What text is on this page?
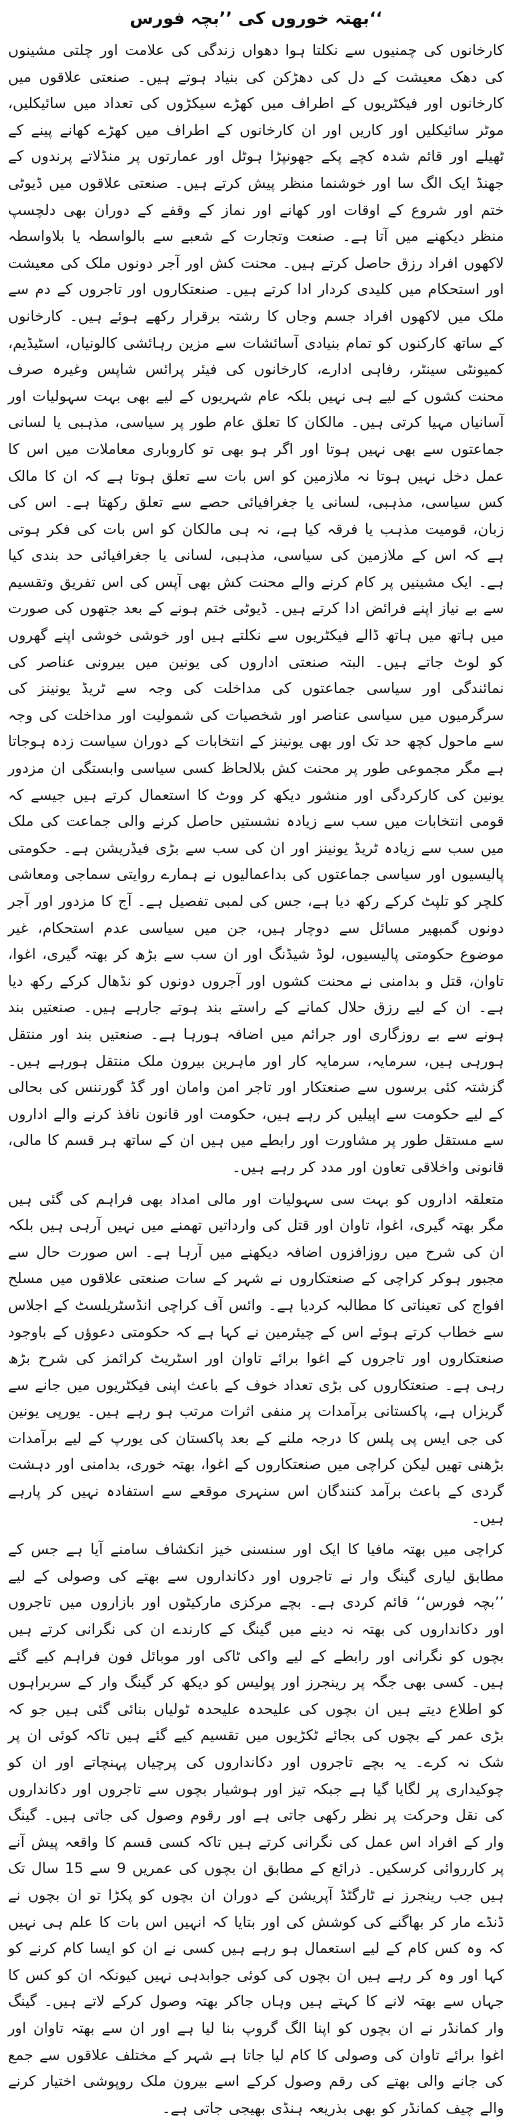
بھتہ خوروں کی ’’بچہ فورس‘‘

کارخانوں کی چمنیوں سے نکلتا ہوا دھواں زندگی کی علامت اور چلتی مشینوں کی دھک معیشت کے دل کی دھڑکن کی بنیاد ہوتے ہیں۔ صنعتی علاقوں میں کارخانوں اور فیکٹریوں کے اطراف میں کھڑے سیکڑوں کی تعداد میں سائیکلیں، موٹر سائیکلیں اور کاریں اور ان کارخانوں کے اطراف میں کھڑے کھانے پینے کے ٹھیلے اور قائم شدہ کچے پکے جھونپڑا ہوٹل اور عمارتوں پر منڈلاتے پرندوں کے جھنڈ ایک الگ سا اور خوشنما منظر پیش کرتے ہیں۔ صنعتی علاقوں میں ڈیوٹی ختم اور شروع کے اوقات اور کھانے اور نماز کے وقفے کے دوران بھی دلچسپ منظر دیکھنے میں آتا ہے۔ صنعت وتجارت کے شعبے سے بالواسطہ یا بلاواسطہ لاکھوں افراد رزق حاصل کرتے ہیں۔ محنت کش اور آجر دونوں ملک کی معیشت اور استحکام میں کلیدی کردار ادا کرتے ہیں۔ صنعتکاروں اور تاجروں کے دم سے ملک میں لاکھوں افراد جسم وجاں کا رشتہ برقرار رکھے ہوئے ہیں۔ کارخانوں کے ساتھ کارکنوں کو تمام بنیادی آسائشات سے مزین رہائشی کالونیاں، اسٹیڈیم، کمیونٹی سینٹر، رفاہی ادارے، کارخانوں کی فیئر پرائس شاپس وغیرہ صرف محنت کشوں کے لیے ہی نہیں بلکہ عام شہریوں کے لیے بھی بہت سہولیات اور آسانیاں مہیا کرتی ہیں۔ مالکان کا تعلق عام طور پر سیاسی، مذہبی یا لسانی جماعتوں سے بھی نہیں ہوتا اور اگر ہو بھی تو کاروباری معاملات میں اس کا عمل دخل نہیں ہوتا نہ ملازمین کو اس بات سے تعلق ہوتا ہے کہ ان کا مالک کس سیاسی، مذہبی، لسانی یا جغرافیائی حصے سے تعلق رکھتا ہے۔ اس کی زبان، قومیت مذہب یا فرقہ کیا ہے، نہ ہی مالکان کو اس بات کی فکر ہوتی ہے کہ اس کے ملازمین کی سیاسی، مذہبی، لسانی یا جغرافیائی حد بندی کیا ہے۔ ایک مشینیں پر کام کرنے والے محنت کش بھی آپس کی اس تفریق وتقسیم سے بے نیاز اپنے فرائض ادا کرتے ہیں۔ ڈیوٹی ختم ہونے کے بعد جتھوں کی صورت میں ہاتھ میں ہاتھ ڈالے فیکٹریوں سے نکلتے ہیں اور خوشی خوشی اپنے گھروں کو لوٹ جاتے ہیں۔ البتہ صنعتی اداروں کی یونین میں بیرونی عناصر کی نمائندگی اور سیاسی جماعتوں کی مداخلت کی وجہ سے ٹریڈ یونینز کی سرگرمیوں میں سیاسی عناصر اور شخصیات کی شمولیت اور مداخلت کی وجہ سے ماحول کچھ حد تک اور بھی یونینز کے انتخابات کے دوران سیاست زدہ ہوجاتا ہے مگر مجموعی طور پر محنت کش بلالحاظ کسی سیاسی وابستگی ان مزدور یونین کی کارکردگی اور منشور دیکھ کر ووٹ کا استعمال کرتے ہیں جیسے کہ قومی انتخابات میں سب سے زیادہ نشستیں حاصل کرنے والی جماعت کی ملک میں سب سے زیادہ ٹریڈ یونینز اور ان کی سب سے بڑی فیڈریشن ہے۔ حکومتی پالیسیوں اور سیاسی جماعتوں کی بداعمالیوں نے ہمارے روایتی سماجی ومعاشی کلچر کو تلپٹ کرکے رکھ دیا ہے، جس کی لمبی تفصیل ہے۔ آج کا مزدور اور آجر دونوں گمبھیر مسائل سے دوچار ہیں، جن میں سیاسی عدم استحکام، غیر موضوع حکومتی پالیسیوں، لوڈ شیڈنگ اور ان سب سے بڑھ کر بھتہ گیری، اغوا، تاوان، قتل و بدامنی نے محنت کشوں اور آجروں دونوں کو نڈھال کرکے رکھ دیا ہے۔ ان کے لیے رزق حلال کمانے کے راستے بند ہوتے جارہے ہیں۔ صنعتیں بند ہونے سے بے روزگاری اور جرائم میں اضافہ ہورہا ہے۔ صنعتیں بند اور منتقل ہورہی ہیں، سرمایہ، سرمایہ کار اور ماہرین بیرون ملک منتقل ہورہے ہیں۔ گزشتہ کئی برسوں سے صنعتکار اور تاجر امن وامان اور گڈ گورننس کی بحالی کے لیے حکومت سے اپیلیں کر رہے ہیں، حکومت اور قانون نافذ کرنے والے اداروں سے مستقل طور پر مشاورت اور رابطے میں ہیں ان کے ساتھ ہر قسم کا مالی، قانونی واخلاقی تعاون اور مدد کر رہے ہیں۔

متعلقہ اداروں کو بہت سی سہولیات اور مالی امداد بھی فراہم کی گئی ہیں مگر بھتہ گیری، اغوا، تاوان اور قتل کی وارداتیں تھمنے میں نہیں آرہی ہیں بلکہ ان کی شرح میں روزافزوں اضافہ دیکھنے میں آرہا ہے۔ اس صورت حال سے مجبور ہوکر کراچی کے صنعتکاروں نے شہر کے سات صنعتی علاقوں میں مسلح افواج کی تعیناتی کا مطالبہ کردیا ہے۔ وائس آف کراچی انڈسٹریلسٹ کے اجلاس سے خطاب کرتے ہوئے اس کے چیئرمین نے کہا ہے کہ حکومتی دعوؤں کے باوجود صنعتکاروں اور تاجروں کے اغوا برائے تاوان اور اسٹریٹ کرائمز کی شرح بڑھ رہی ہے۔ صنعتکاروں کی بڑی تعداد خوف کے باعث اپنی فیکٹریوں میں جانے سے گریزاں ہے، پاکستانی برآمدات پر منفی اثرات مرتب ہو رہے ہیں۔ یورپی یونین کی جی ایس پی پلس کا درجہ ملنے کے بعد پاکستان کی یورپ کے لیے برآمدات بڑھنی تھیں لیکن کراچی میں صنعتکاروں کے اغوا، بھتہ خوری، بدامنی اور دہشت گردی کے باعث برآمد کنندگان اس سنہری موقعے سے استفادہ نہیں کر پارہے ہیں۔

کراچی میں بھتہ مافیا کا ایک اور سنسنی خیز انکشاف سامنے آیا ہے جس کے مطابق لیاری گینگ وار نے تاجروں اور دکانداروں سے بھتے کی وصولی کے لیے ’’بچہ فورس‘‘ قائم کردی ہے۔ بچے مرکزی مارکیٹوں اور بازاروں میں تاجروں اور دکانداروں کی بھتہ نہ دینے میں گینگ کے کارندے ان کی نگرانی کرتے ہیں بچوں کو نگرانی اور رابطے کے لیے واکی ٹاکی اور موبائل فون فراہم کیے گئے ہیں۔ کسی بھی جگہ پر رینجرز اور پولیس کو دیکھ کر گینگ وار کے سربراہوں کو اطلاع دیتے ہیں ان بچوں کی علیحدہ علیحدہ ٹولیاں بنائی گئی ہیں جو کہ بڑی عمر کے بچوں کی بجائے ٹکڑیوں میں تقسیم کیے گئے ہیں تاکہ کوئی ان پر شک نہ کرے۔ یہ بچے تاجروں اور دکانداروں کی پرچیاں پہنچاتے اور ان کو چوکیداری پر لگایا گیا ہے جبکہ تیز اور ہوشیار بچوں سے تاجروں اور دکانداروں کی نقل وحرکت پر نظر رکھی جاتی ہے اور رقوم وصول کی جاتی ہیں۔ گینگ وار کے افراد اس عمل کی نگرانی کرتے ہیں تاکہ کسی قسم کا واقعہ پیش آنے پر کارروائی کرسکیں۔ ذرائع کے مطابق ان بچوں کی عمریں 9 سے 15 سال تک ہیں جب رینجرز نے ٹارگٹڈ آپریشن کے دوران ان بچوں کو پکڑا تو ان بچوں نے ڈنڈے مار کر بھاگنے کی کوشش کی اور بتایا کہ انہیں اس بات کا علم ہی نہیں کہ وہ کس کام کے لیے استعمال ہو رہے ہیں کسی نے ان کو ایسا کام کرنے کو کہا اور وہ کر رہے ہیں ان بچوں کی کوئی جوابدہی نہیں کیونکہ ان کو کس کا جہاں سے بھتہ لانے کا کہتے ہیں وہاں جاکر بھتہ وصول کرکے لاتے ہیں۔ گینگ وار کمانڈر نے ان بچوں کو اپنا الگ گروپ بنا لیا ہے اور ان سے بھتہ تاوان اور اغوا برائے تاوان کی وصولی کا کام لیا جاتا ہے شہر کے مختلف علاقوں سے جمع کی جانے والی بھتے کی رقم وصول کرکے اسے بیرون ملک روپوشی اختیار کرنے والے چیف کمانڈر کو بھی بذریعہ ہنڈی بھیجی جاتی ہے۔
